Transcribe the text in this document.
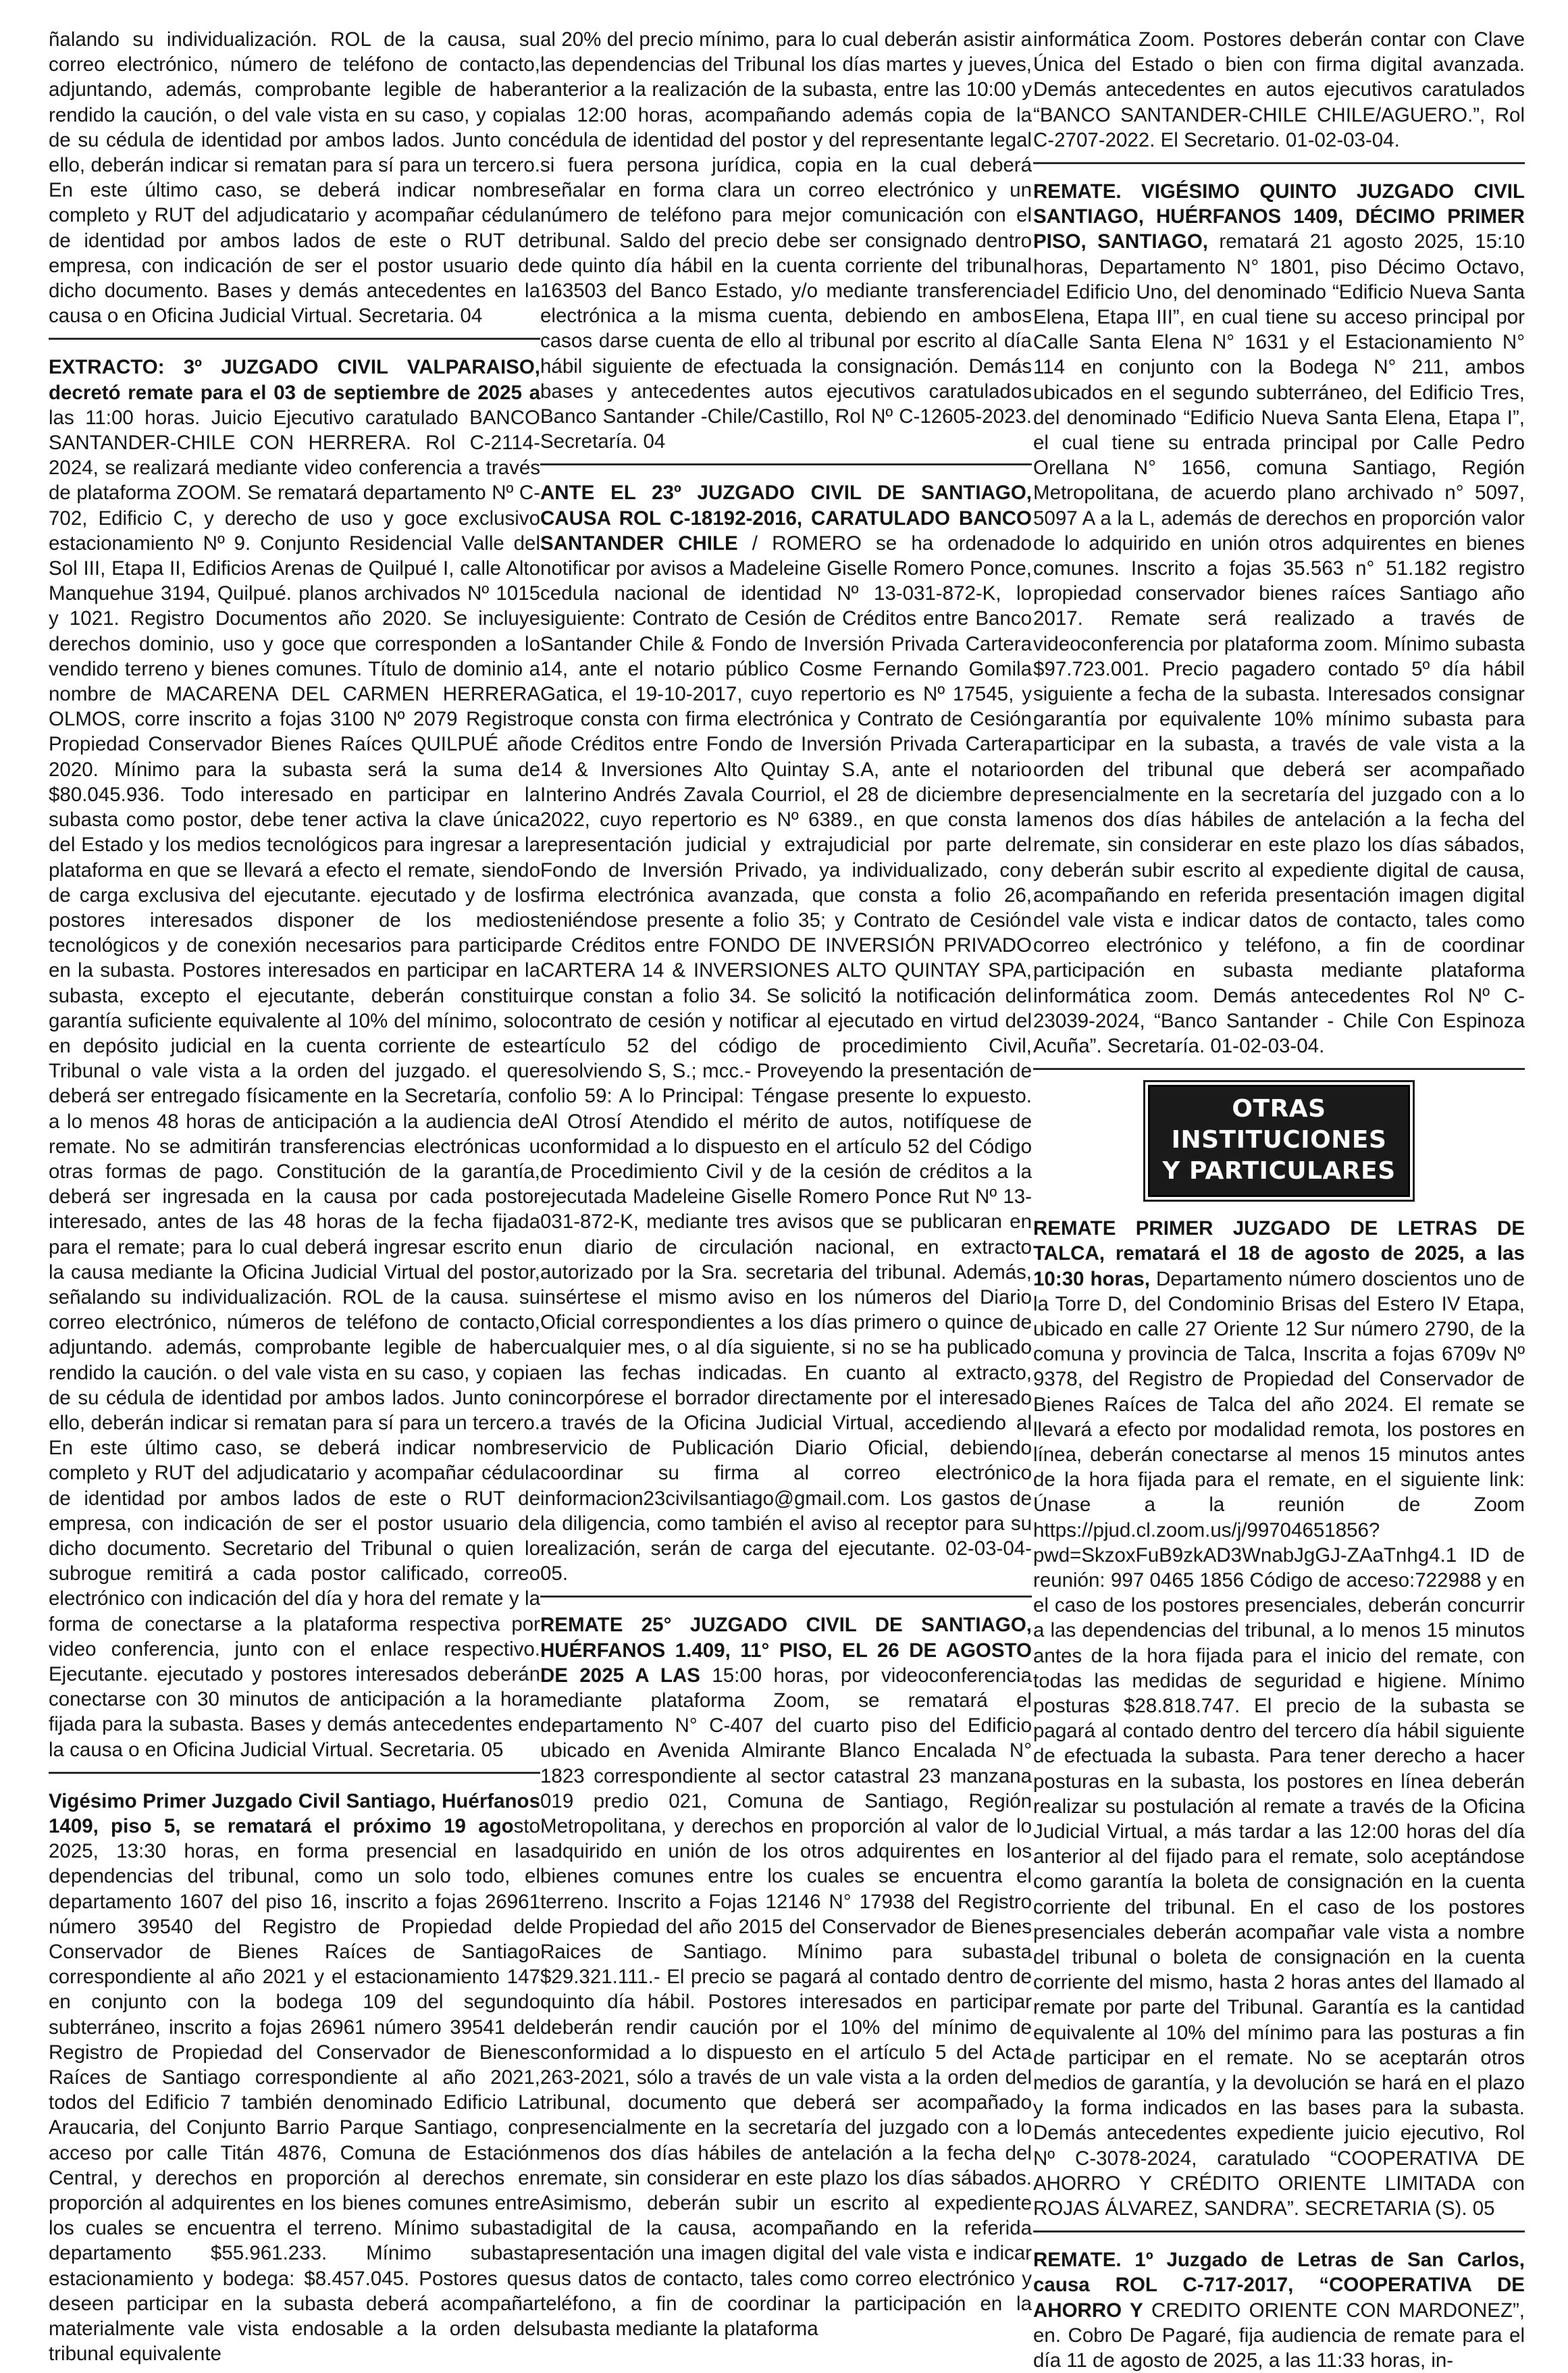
ñalando su individualización. ROL de la causa, su correo electrónico, número de teléfono de contacto, adjuntando, además, comprobante legible de haber rendido la caución, o del vale vista en su caso, y copia de su cédula de identidad por ambos lados. Junto con ello, deberán indicar si rematan para sí para un tercero. En este último caso, se deberá indicar nombre completo y RUT del adjudicatario y acompañar cédula de identidad por ambos lados de este o RUT de empresa, con indicación de ser el postor usuario de dicho documento. Bases y demás antecedentes en la causa o en Oficina Judicial Virtual. Secretaria. 04

EXTRACTO: 3º JUZGADO CIVIL VALPARAISO, decretó remate para el 03 de septiembre de 2025 a las 11:00 horas. Juicio Ejecutivo caratulado BANCO SANTANDER-CHILE CON HERRERA. Rol C-2114-2024, se realizará mediante video conferencia a través de plataforma ZOOM. Se rematará departamento Nº C-702, Edificio C, y derecho de uso y goce exclusivo estacionamiento Nº 9. Conjunto Residencial Valle del Sol III, Etapa II, Edificios Arenas de Quilpué I, calle Alto Manquehue 3194, Quilpué. planos archivados Nº 1015 y 1021. Registro Documentos año 2020. Se incluye derechos dominio, uso y goce que corresponden a lo vendido terreno y bienes comunes. Título de dominio a nombre de MACARENA DEL CARMEN HERRERA OLMOS, corre inscrito a fojas 3100 Nº 2079 Registro Propiedad Conservador Bienes Raíces QUILPUÉ año 2020. Mínimo para la subasta será la suma de $80.045.936. Todo interesado en participar en la subasta como postor, debe tener activa la clave única del Estado y los medios tecnológicos para ingresar a la plataforma en que se llevará a efecto el remate, siendo de carga exclusiva del ejecutante. ejecutado y de los postores interesados disponer de los medios tecnológicos y de conexión necesarios para participar en la subasta. Postores interesados en participar en la subasta, excepto el ejecutante, deberán constituir garantía suficiente equivalente al 10% del mínimo, solo en depósito judicial en la cuenta corriente de este Tribunal o vale vista a la orden del juzgado. el que deberá ser entregado físicamente en la Secretaría, con a lo menos 48 horas de anticipación a la audiencia de remate. No se admitirán transferencias electrónicas u otras formas de pago. Constitución de la garantía, deberá ser ingresada en la causa por cada postor interesado, antes de las 48 horas de la fecha fijada para el remate; para lo cual deberá ingresar escrito en la causa mediante la Oficina Judicial Virtual del postor, señalando su individualización. ROL de la causa. su correo electrónico, números de teléfono de contacto, adjuntando. además, comprobante legible de haber rendido la caución. o del vale vista en su caso, y copia de su cédula de identidad por ambos lados. Junto con ello, deberán indicar si rematan para sí para un tercero. En este último caso, se deberá indicar nombre completo y RUT del adjudicatario y acompañar cédula de identidad por ambos lados de este o RUT de empresa, con indicación de ser el postor usuario de dicho documento. Secretario del Tribunal o quien lo subrogue remitirá a cada postor calificado, correo electrónico con indicación del día y hora del remate y la forma de conectarse a la plataforma respectiva por video conferencia, junto con el enlace respectivo. Ejecutante. ejecutado y postores interesados deberán conectarse con 30 minutos de anticipación a la hora fijada para la subasta. Bases y demás antecedentes en la causa o en Oficina Judicial Virtual. Secretaria. 05

Vigésimo Primer Juzgado Civil Santiago, Huérfanos 1409, piso 5, se rematará el próximo 19 agosto 2025, 13:30 horas, en forma presencial en las dependencias del tribunal, como un solo todo, el departamento 1607 del piso 16, inscrito a fojas 26961 número 39540 del Registro de Propiedad del Conservador de Bienes Raíces de Santiago correspondiente al año 2021 y el estacionamiento 147 en conjunto con la bodega 109 del segundo subterráneo, inscrito a fojas 26961 número 39541 del Registro de Propiedad del Conservador de Bienes Raíces de Santiago correspondiente al año 2021, todos del Edificio 7 también denominado Edificio La Araucaria, del Conjunto Barrio Parque Santiago, con acceso por calle Titán 4876, Comuna de Estación Central, y derechos en proporción al derechos en proporción al adquirentes en los bienes comunes entre los cuales se encuentra el terreno. Mínimo subasta departamento $55.961.233. Mínimo subasta estacionamiento y bodega: $8.457.045. Postores que deseen participar en la subasta deberá acompañar materialmente vale vista endosable a la orden del tribunal equivalente

al 20% del precio mínimo, para lo cual deberán asistir a las dependencias del Tribunal los días martes y jueves, anterior a la realización de la subasta, entre las 10:00 y las 12:00 horas, acompañando además copia de la cédula de identidad del postor y del representante legal si fuera persona jurídica, copia en la cual deberá señalar en forma clara un correo electrónico y un número de teléfono para mejor comunicación con el tribunal. Saldo del precio debe ser consignado dentro de quinto día hábil en la cuenta corriente del tribunal 163503 del Banco Estado, y/o mediante transferencia electrónica a la misma cuenta, debiendo en ambos casos darse cuenta de ello al tribunal por escrito al día hábil siguiente de efectuada la consignación. Demás bases y antecedentes autos ejecutivos caratulados Banco Santander -Chile/Castillo, Rol Nº C-12605-2023. Secretaría. 04

ANTE EL 23º JUZGADO CIVIL DE SANTIAGO, CAUSA ROL C-18192-2016, CARATULADO BANCO SANTANDER CHILE / ROMERO se ha ordenado notificar por avisos a Madeleine Giselle Romero Ponce, cedula nacional de identidad Nº 13-031-872-K, lo siguiente: Contrato de Cesión de Créditos entre Banco Santander Chile & Fondo de Inversión Privada Cartera 14, ante el notario público Cosme Fernando Gomila Gatica, el 19-10-2017, cuyo repertorio es Nº 17545, y que consta con firma electrónica y Contrato de Cesión de Créditos entre Fondo de Inversión Privada Cartera 14 & Inversiones Alto Quintay S.A, ante el notario Interino Andrés Zavala Courriol, el 28 de diciembre de 2022, cuyo repertorio es Nº 6389., en que consta la representación judicial y extrajudicial por parte del Fondo de Inversión Privado, ya individualizado, con firma electrónica avanzada, que consta a folio 26, teniéndose presente a folio 35; y Contrato de Cesión de Créditos entre FONDO DE INVERSIÓN PRIVADO CARTERA 14 & INVERSIONES ALTO QUINTAY SPA, que constan a folio 34. Se solicitó la notificación del contrato de cesión y notificar al ejecutado en virtud del artículo 52 del código de procedimiento Civil, resolviendo S, S.; mcc.- Proveyendo la presentación de folio 59: A lo Principal: Téngase presente lo expuesto. Al Otrosí Atendido el mérito de autos, notifíquese de conformidad a lo dispuesto en el artículo 52 del Código de Procedimiento Civil y de la cesión de créditos a la ejecutada Madeleine Giselle Romero Ponce Rut Nº 13-031-872-K, mediante tres avisos que se publicaran en un diario de circulación nacional, en extracto autorizado por la Sra. secretaria del tribunal. Además, insértese el mismo aviso en los números del Diario Oficial correspondientes a los días primero o quince de cualquier mes, o al día siguiente, si no se ha publicado en las fechas indicadas. En cuanto al extracto, incorpórese el borrador directamente por el interesado a través de la Oficina Judicial Virtual, accediendo al servicio de Publicación Diario Oficial, debiendo coordinar su firma al correo electrónico informacion23civilsantiago@gmail.com. Los gastos de la diligencia, como también el aviso al receptor para su realización, serán de carga del ejecutante. 02-03-04-05.

REMATE 25° JUZGADO CIVIL DE SANTIAGO, HUÉRFANOS 1.409, 11° PISO, EL 26 DE AGOSTO DE 2025 A LAS 15:00 horas, por videoconferencia mediante plataforma Zoom, se rematará el departamento N° C-407 del cuarto piso del Edificio ubicado en Avenida Almirante Blanco Encalada N° 1823 correspondiente al sector catastral 23 manzana 019 predio 021, Comuna de Santiago, Región Metropolitana, y derechos en proporción al valor de lo adquirido en unión de los otros adquirentes en los bienes comunes entre los cuales se encuentra el terreno. Inscrito a Fojas 12146 N° 17938 del Registro de Propiedad del año 2015 del Conservador de Bienes Raices de Santiago. Mínimo para subasta $29.321.111.- El precio se pagará al contado dentro de quinto día hábil. Postores interesados en participar deberán rendir caución por el 10% del mínimo de conformidad a lo dispuesto en el artículo 5 del Acta 263-2021, sólo a través de un vale vista a la orden del tribunal, documento que deberá ser acompañado presencialmente en la secretaría del juzgado con a lo menos dos días hábiles de antelación a la fecha del remate, sin considerar en este plazo los días sábados. Asimismo, deberán subir un escrito al expediente digital de la causa, acompañando en la referida presentación una imagen digital del vale vista e indicar sus datos de contacto, tales como correo electrónico y teléfono, a fin de coordinar la participación en la subasta mediante la plataforma

informática Zoom. Postores deberán contar con Clave Única del Estado o bien con firma digital avanzada. Demás antecedentes en autos ejecutivos caratulados “BANCO SANTANDER-CHILE CHILE/AGUERO.”, Rol C-2707-2022. El Secretario. 01-02-03-04.

REMATE. VIGÉSIMO QUINTO JUZGADO CIVIL SANTIAGO, HUÉRFANOS 1409, DÉCIMO PRIMER PISO, SANTIAGO, rematará 21 agosto 2025, 15:10 horas, Departamento N° 1801, piso Décimo Octavo, del Edificio Uno, del denominado “Edificio Nueva Santa Elena, Etapa III”, en cual tiene su acceso principal por Calle Santa Elena N° 1631 y el Estacionamiento N° 114 en conjunto con la Bodega N° 211, ambos ubicados en el segundo subterráneo, del Edificio Tres, del denominado “Edificio Nueva Santa Elena, Etapa I”, el cual tiene su entrada principal por Calle Pedro Orellana N° 1656, comuna Santiago, Región Metropolitana, de acuerdo plano archivado n° 5097, 5097 A a la L, además de derechos en proporción valor de lo adquirido en unión otros adquirentes en bienes comunes. Inscrito a fojas 35.563 n° 51.182 registro propiedad conservador bienes raíces Santiago año 2017. Remate será realizado a través de videoconferencia por plataforma zoom. Mínimo subasta $97.723.001. Precio pagadero contado 5º día hábil siguiente a fecha de la subasta. Interesados consignar garantía por equivalente 10% mínimo subasta para participar en la subasta, a través de vale vista a la orden del tribunal que deberá ser acompañado presencialmente en la secretaría del juzgado con a lo menos dos días hábiles de antelación a la fecha del remate, sin considerar en este plazo los días sábados, y deberán subir escrito al expediente digital de causa, acompañando en referida presentación imagen digital del vale vista e indicar datos de contacto, tales como correo electrónico y teléfono, a fin de coordinar participación en subasta mediante plataforma informática zoom. Demás antecedentes Rol Nº C-23039-2024, “Banco Santander - Chile Con Espinoza Acuña”. Secretaría. 01-02-03-04.

OTRAS INSTITUCIONES
Y PARTICULARES

REMATE PRIMER JUZGADO DE LETRAS DE TALCA, rematará el 18 de agosto de 2025, a las 10:30 horas, Departamento número doscientos uno de la Torre D, del Condominio Brisas del Estero IV Etapa, ubicado en calle 27 Oriente 12 Sur número 2790, de la comuna y provincia de Talca, Inscrita a fojas 6709v Nº 9378, del Registro de Propiedad del Conservador de Bienes Raíces de Talca del año 2024. El remate se llevará a efecto por modalidad remota, los postores en línea, deberán conectarse al menos 15 minutos antes de la hora fijada para el remate, en el siguiente link: Únase a la reunión de Zoom https://pjud.cl.zoom.us/j/99704651856?pwd=SkzoxFuB9zkAD3WnabJgGJ-ZAaTnhg4.1 ID de reunión: 997 0465 1856 Código de acceso:722988 y en el caso de los postores presenciales, deberán concurrir a las dependencias del tribunal, a lo menos 15 minutos antes de la hora fijada para el inicio del remate, con todas las medidas de seguridad e higiene. Mínimo posturas $28.818.747. El precio de la subasta se pagará al contado dentro del tercero día hábil siguiente de efectuada la subasta. Para tener derecho a hacer posturas en la subasta, los postores en línea deberán realizar su postulación al remate a través de la Oficina Judicial Virtual, a más tardar a las 12:00 horas del día anterior al del fijado para el remate, solo aceptándose como garantía la boleta de consignación en la cuenta corriente del tribunal. En el caso de los postores presenciales deberán acompañar vale vista a nombre del tribunal o boleta de consignación en la cuenta corriente del mismo, hasta 2 horas antes del llamado al remate por parte del Tribunal. Garantía es la cantidad equivalente al 10% del mínimo para las posturas a fin de participar en el remate. No se aceptarán otros medios de garantía, y la devolución se hará en el plazo y la forma indicados en las bases para la subasta. Demás antecedentes expediente juicio ejecutivo, Rol Nº C-3078-2024, caratulado “COOPERATIVA DE AHORRO Y CRÉDITO ORIENTE LIMITADA con ROJAS ÁLVAREZ, SANDRA”. SECRETARIA (S). 05

REMATE. 1º Juzgado de Letras de San Carlos, causa ROL C-717-2017, “COOPERATIVA DE AHORRO Y CREDITO ORIENTE CON MARDONEZ”, en. Cobro De Pagaré, fija audiencia de remate para el día 11 de agosto de 2025, a las 11:33 horas, in-
